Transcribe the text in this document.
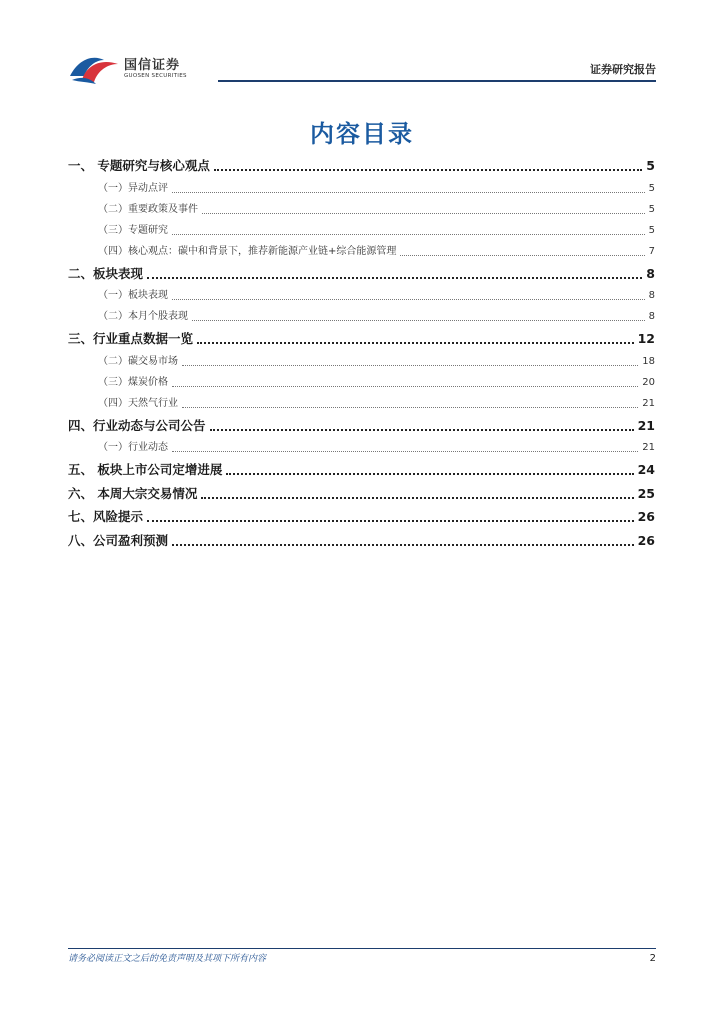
国信证券
GUOSEN SECURITIES	证券研究报告
内容目录
一、 专题研究与核心观点	5
（一）异动点评	5
（二）重要政策及事件	5
（三）专题研究	5
（四）核心观点：碳中和背景下，推荐新能源产业链+综合能源管理	7
二、板块表现	8
（一）板块表现	8
（二）本月个股表现	8
三、行业重点数据一览	12
（二）碳交易市场	18
（三）煤炭价格	20
（四）天然气行业	21
四、行业动态与公司公告	21
（一）行业动态	21
五、 板块上市公司定增进展	24
六、 本周大宗交易情况	25
七、风险提示	26
八、公司盈利预测	26
请务必阅读正文之后的免责声明及其项下所有内容	2
